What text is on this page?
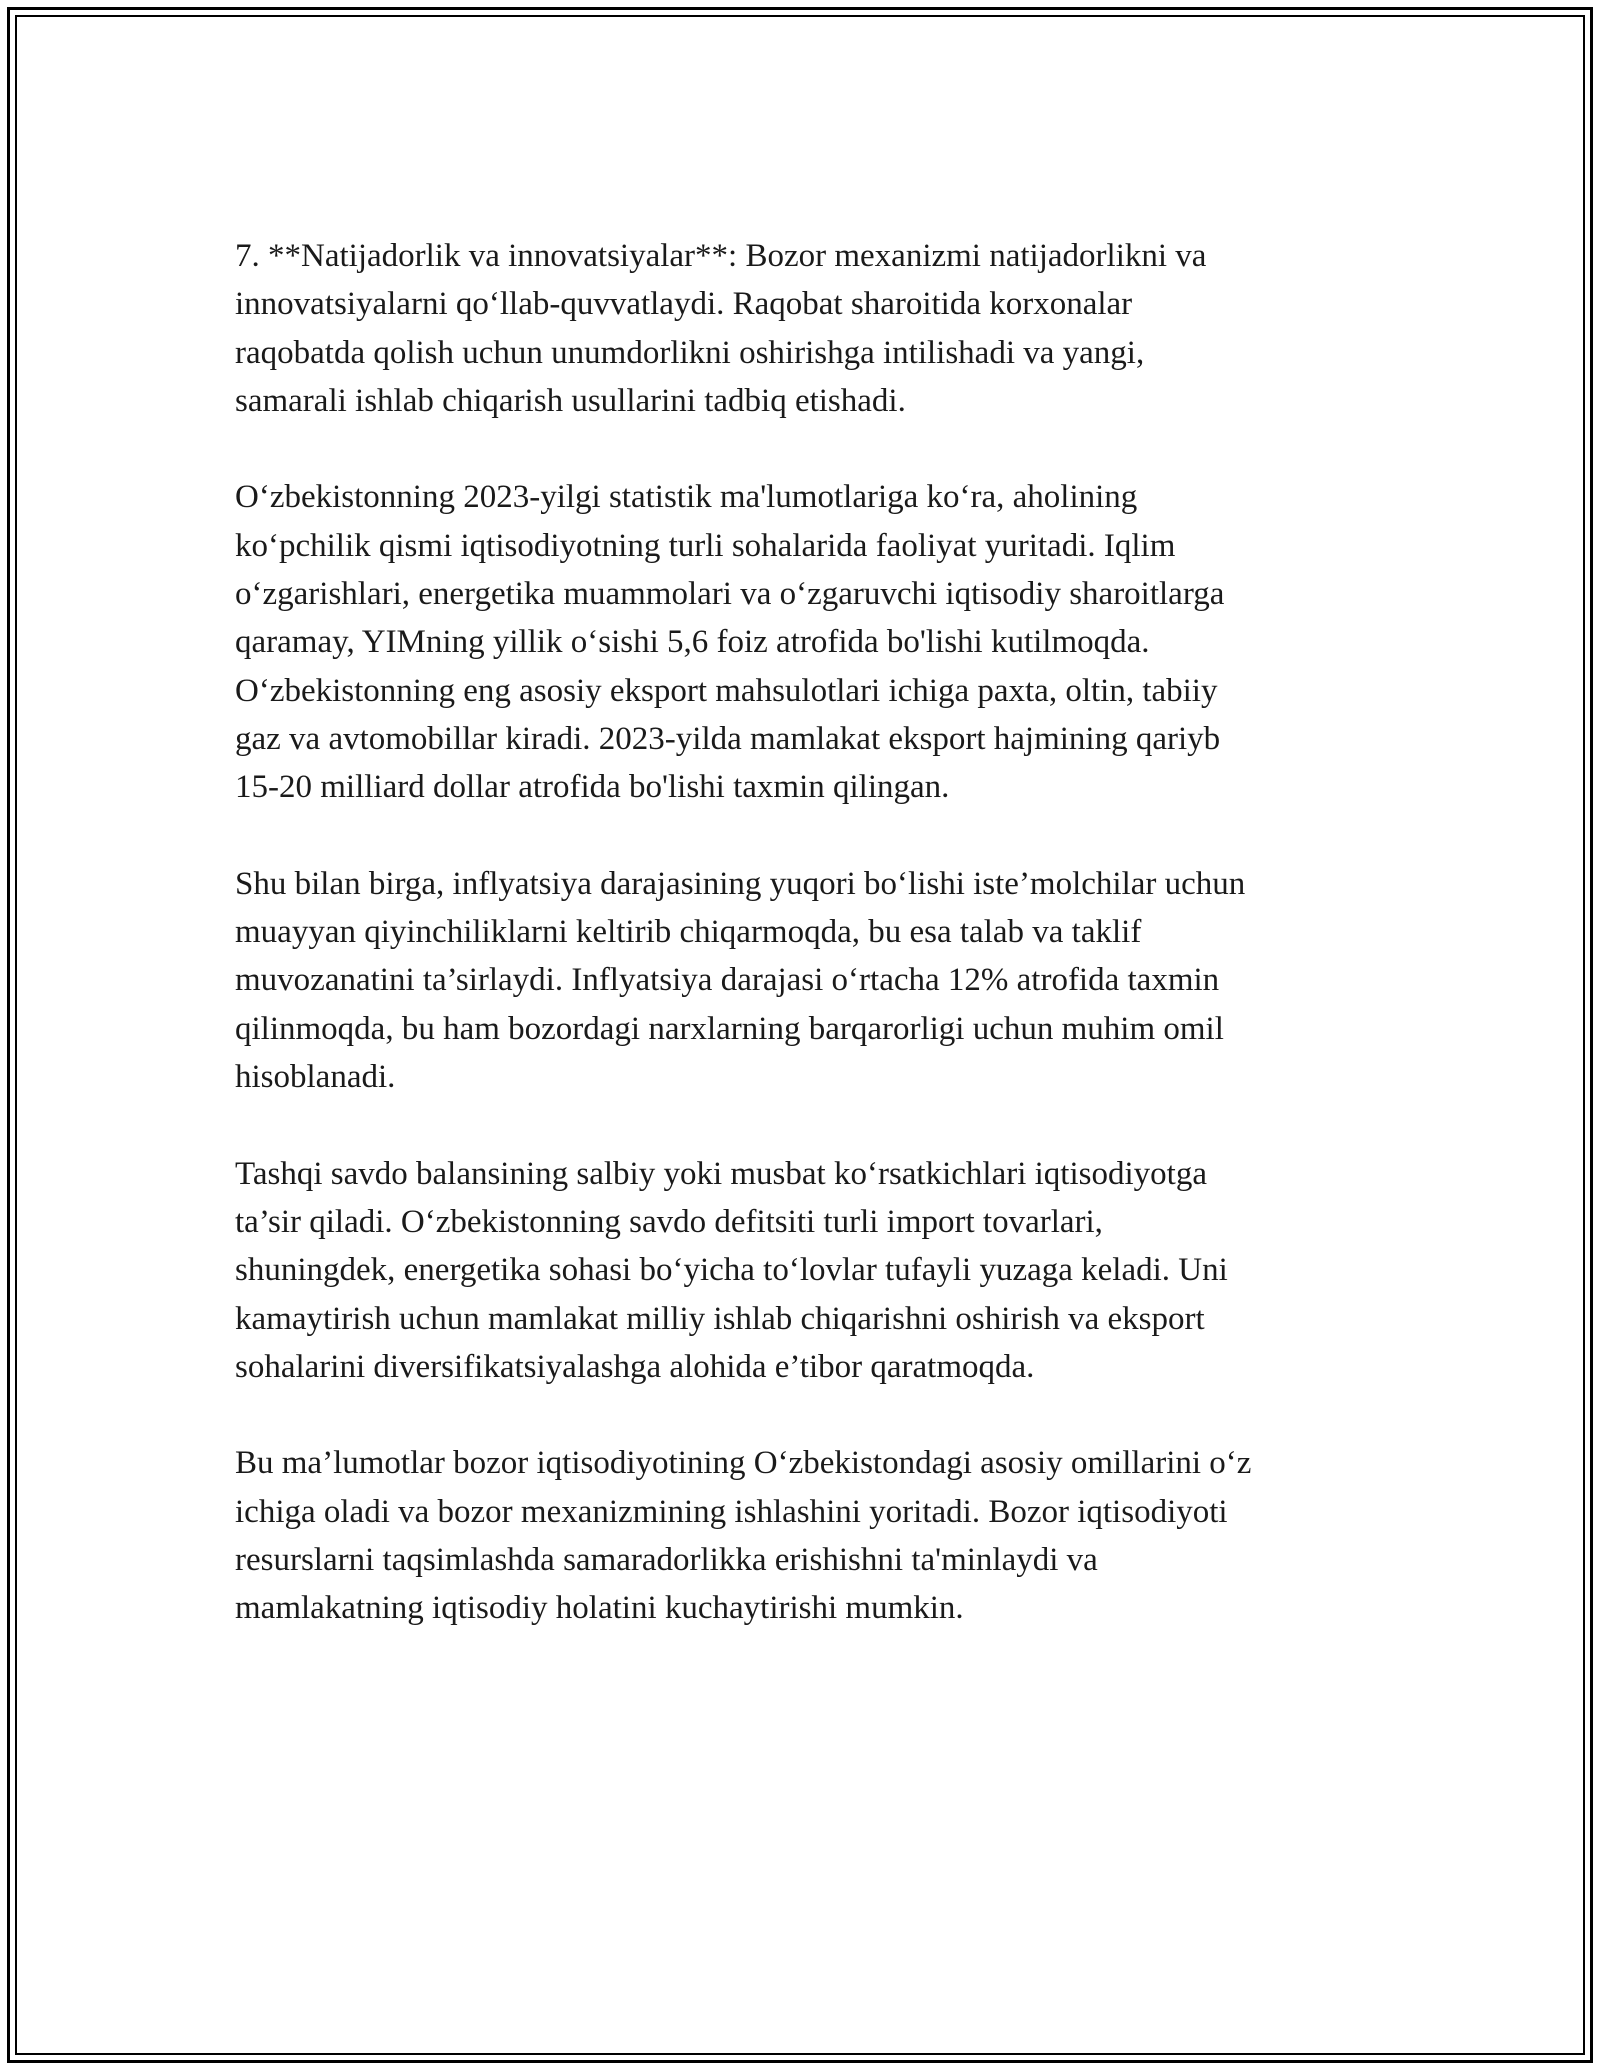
7. **Natijadorlik va innovatsiyalar**: Bozor mexanizmi natijadorlikni va
innovatsiyalarni qo‘llab-quvvatlaydi. Raqobat sharoitida korxonalar
raqobatda qolish uchun unumdorlikni oshirishga intilishadi va yangi,
samarali ishlab chiqarish usullarini tadbiq etishadi.

O‘zbekistonning 2023-yilgi statistik ma'lumotlariga ko‘ra, aholining
ko‘pchilik qismi iqtisodiyotning turli sohalarida faoliyat yuritadi. Iqlim
o‘zgarishlari, energetika muammolari va o‘zgaruvchi iqtisodiy sharoitlarga
qaramay, YIMning yillik o‘sishi 5,6 foiz atrofida bo'lishi kutilmoqda.
O‘zbekistonning eng asosiy eksport mahsulotlari ichiga paxta, oltin, tabiiy
gaz va avtomobillar kiradi. 2023-yilda mamlakat eksport hajmining qariyb
15-20 milliard dollar atrofida bo'lishi taxmin qilingan.

Shu bilan birga, inflyatsiya darajasining yuqori bo‘lishi iste’molchilar uchun
muayyan qiyinchiliklarni keltirib chiqarmoqda, bu esa talab va taklif
muvozanatini ta’sirlaydi. Inflyatsiya darajasi o‘rtacha 12% atrofida taxmin
qilinmoqda, bu ham bozordagi narxlarning barqarorligi uchun muhim omil
hisoblanadi.

Tashqi savdo balansining salbiy yoki musbat ko‘rsatkichlari iqtisodiyotga
ta’sir qiladi. O‘zbekistonning savdo defitsiti turli import tovarlari,
shuningdek, energetika sohasi bo‘yicha to‘lovlar tufayli yuzaga keladi. Uni
kamaytirish uchun mamlakat milliy ishlab chiqarishni oshirish va eksport
sohalarini diversifikatsiyalashga alohida e’tibor qaratmoqda.

Bu ma’lumotlar bozor iqtisodiyotining O‘zbekistondagi asosiy omillarini o‘z
ichiga oladi va bozor mexanizmining ishlashini yoritadi. Bozor iqtisodiyoti
resurslarni taqsimlashda samaradorlikka erishishni ta'minlaydi va
mamlakatning iqtisodiy holatini kuchaytirishi mumkin.
